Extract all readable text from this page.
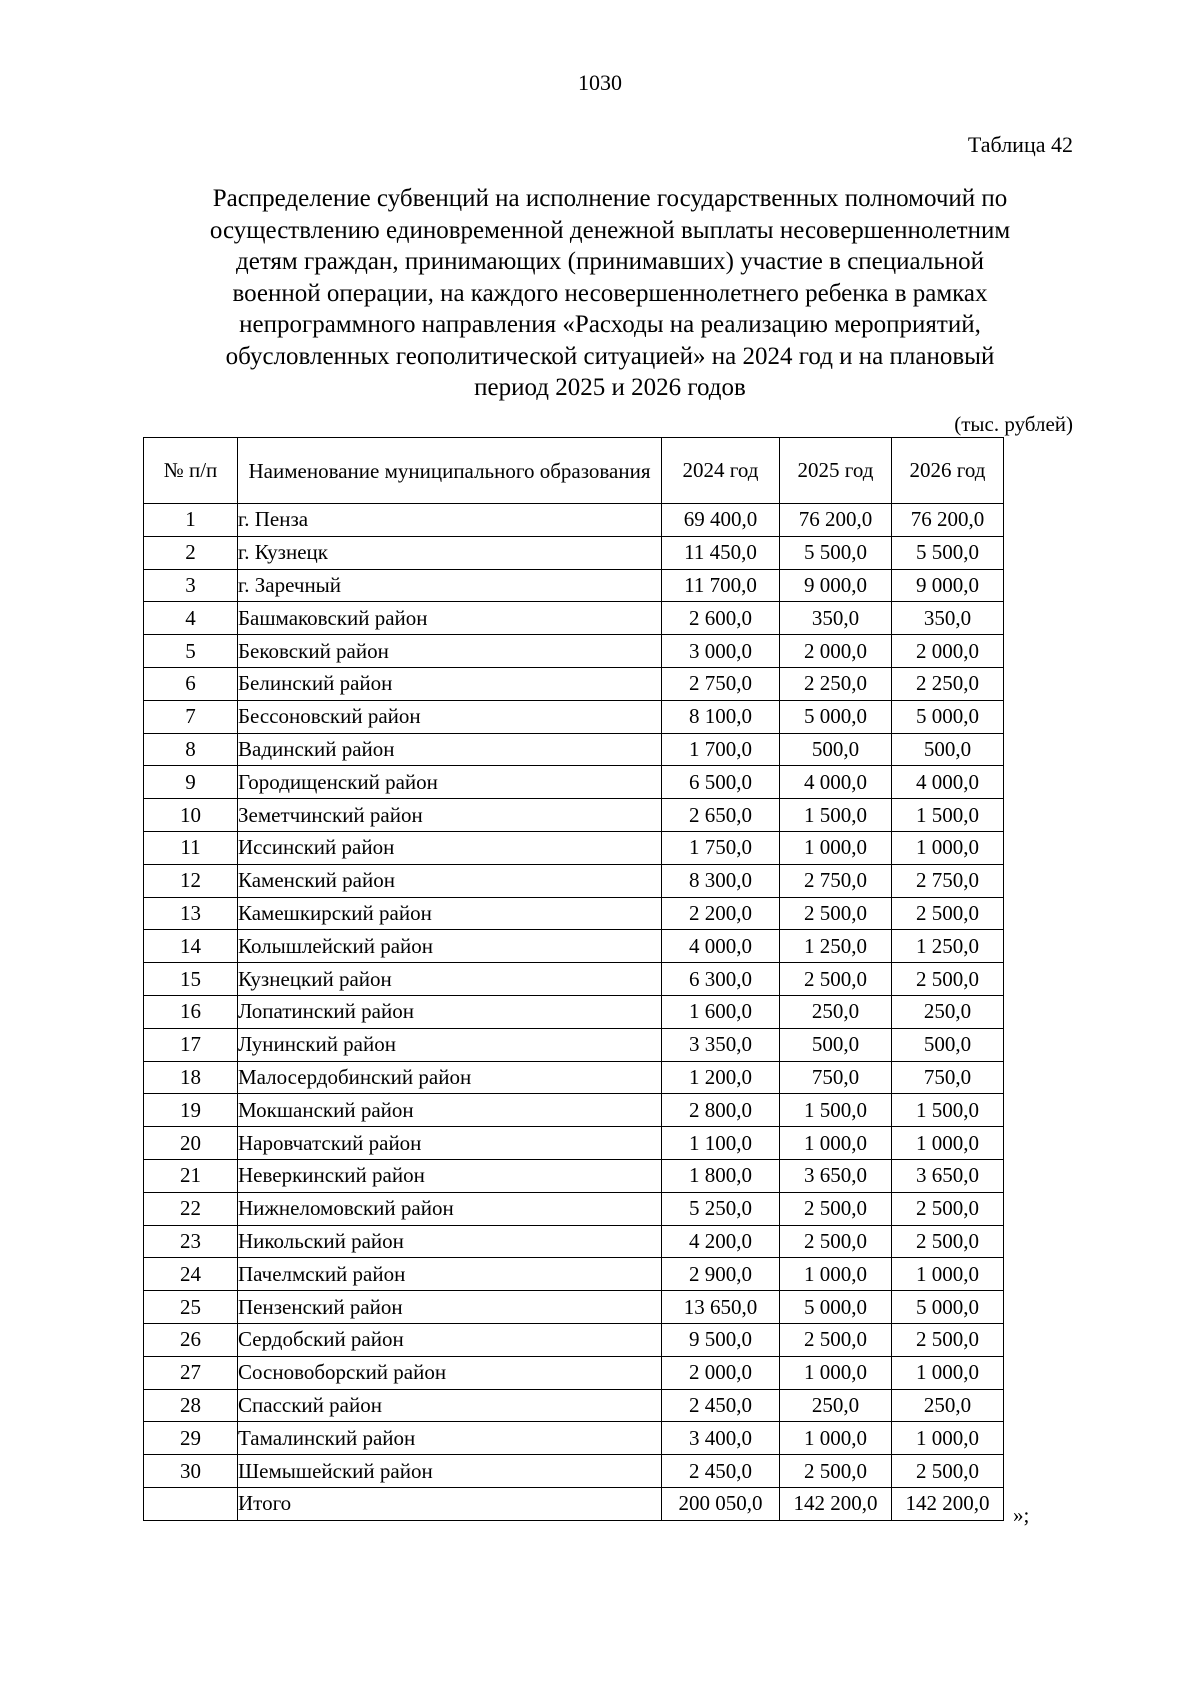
1030
Таблица 42
Распределение субвенций на исполнение государственных полномочий по
осуществлению единовременной денежной выплаты несовершеннолетним
детям граждан, принимающих (принимавших) участие в специальной
военной операции, на каждого несовершеннолетнего ребенка в рамках
непрограммного направления «Расходы на реализацию мероприятий,
обусловленных геополитической ситуацией» на 2024 год и на плановый
период 2025 и 2026 годов
(тыс. рублей)
№ п/п	Наименование муниципального образования	2024 год	2025 год	2026 год
1	г. Пенза	69 400,0	76 200,0	76 200,0
2	г. Кузнецк	11 450,0	5 500,0	5 500,0
3	г. Заречный	11 700,0	9 000,0	9 000,0
4	Башмаковский район	2 600,0	350,0	350,0
5	Бековский район	3 000,0	2 000,0	2 000,0
6	Белинский район	2 750,0	2 250,0	2 250,0
7	Бессоновский район	8 100,0	5 000,0	5 000,0
8	Вадинский район	1 700,0	500,0	500,0
9	Городищенский район	6 500,0	4 000,0	4 000,0
10	Земетчинский район	2 650,0	1 500,0	1 500,0
11	Иссинский район	1 750,0	1 000,0	1 000,0
12	Каменский район	8 300,0	2 750,0	2 750,0
13	Камешкирский район	2 200,0	2 500,0	2 500,0
14	Колышлейский район	4 000,0	1 250,0	1 250,0
15	Кузнецкий район	6 300,0	2 500,0	2 500,0
16	Лопатинский район	1 600,0	250,0	250,0
17	Лунинский район	3 350,0	500,0	500,0
18	Малосердобинский район	1 200,0	750,0	750,0
19	Мокшанский район	2 800,0	1 500,0	1 500,0
20	Наровчатский район	1 100,0	1 000,0	1 000,0
21	Неверкинский район	1 800,0	3 650,0	3 650,0
22	Нижнеломовский район	5 250,0	2 500,0	2 500,0
23	Никольский район	4 200,0	2 500,0	2 500,0
24	Пачелмский район	2 900,0	1 000,0	1 000,0
25	Пензенский район	13 650,0	5 000,0	5 000,0
26	Сердобский район	9 500,0	2 500,0	2 500,0
27	Сосновоборский район	2 000,0	1 000,0	1 000,0
28	Спасский район	2 450,0	250,0	250,0
29	Тамалинский район	3 400,0	1 000,0	1 000,0
30	Шемышейский район	2 450,0	2 500,0	2 500,0
	Итого	200 050,0	142 200,0	142 200,0 »;
